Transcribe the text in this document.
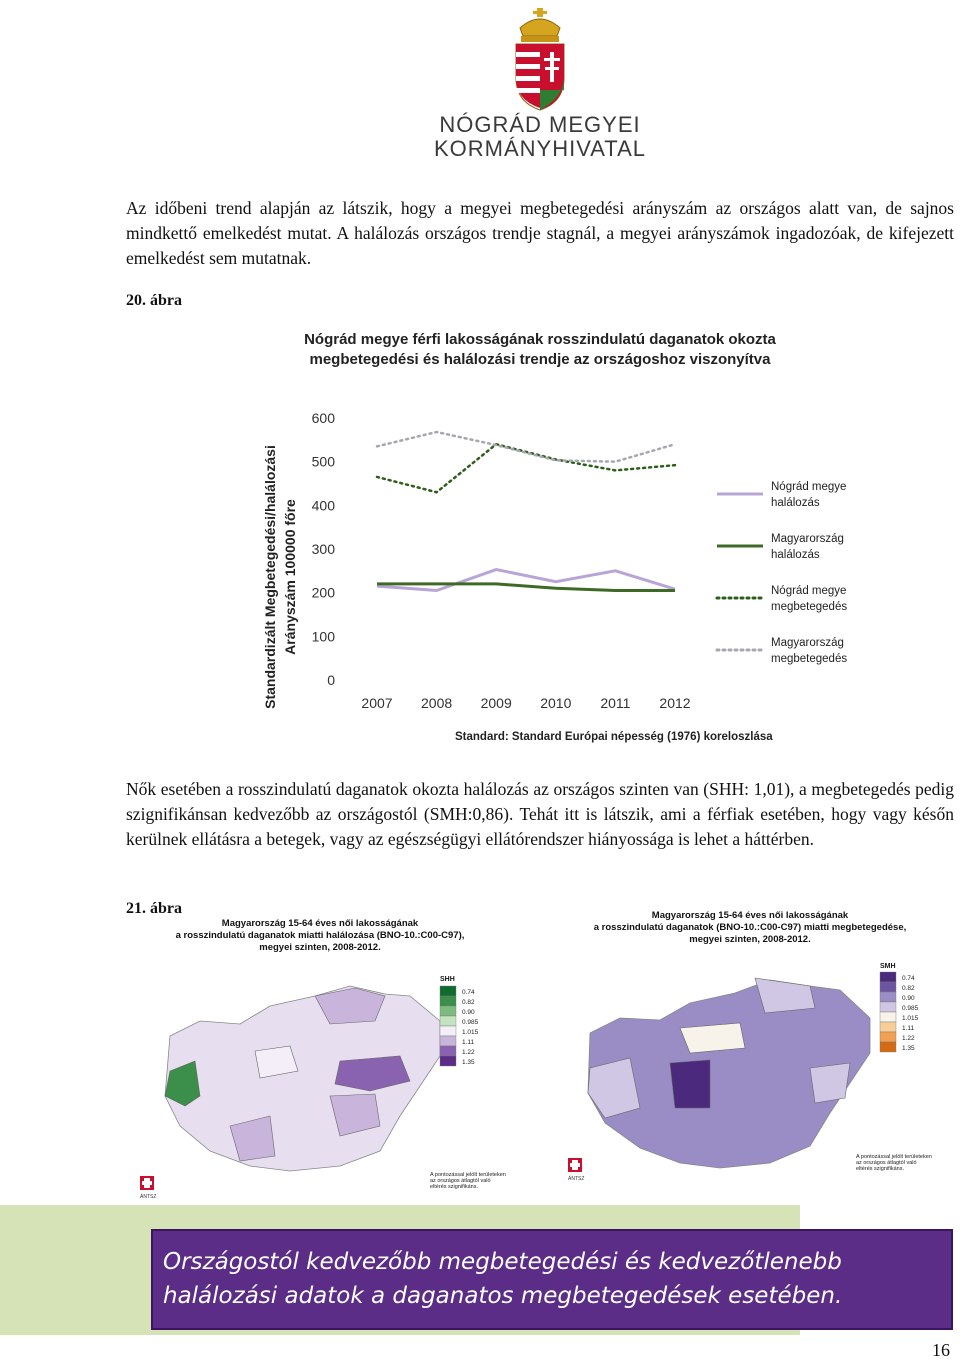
NÓGRÁD MEGYEI
KORMÁNYHIVATAL
Az időbeni trend alapján az látszik, hogy a megyei megbetegedési arányszám az országos alatt van, de sajnos mindkettő emelkedést mutat. A halálozás országos trendje stagnál, a megyei arányszámok ingadozóak, de kifejezett emelkedést sem mutatnak.
20. ábra
Nógrád megye férfi lakosságának rosszindulatú daganatok okozta megbetegedési és halálozási trendje az országoshoz viszonyítva
Standardizált Megbetegedési/halálozási Arányszám 100000 főre
600
500
400
300
200
100
0
2007 2008 2009 2010 2011 2012
Nógrád megye halálozás
Magyarország halálozás
Nógrád megye megbetegedés
Magyarország megbetegedés
Standard: Standard Európai népesség (1976) koreloszlása
Nők esetében a rosszindulatú daganatok okozta halálozás az országos szinten van (SHH: 1,01), a megbetegedés pedig szignifikánsan kedvezőbb az országostól (SMH:0,86). Tehát itt is látszik, ami a férfiak esetében, hogy vagy későn kerülnek ellátásra a betegek, vagy az egészségügyi ellátórendszer hiányossága is lehet a háttérben.
21. ábra
Magyarország 15-64 éves női lakosságának
a rosszindulatú daganatok miatti halálozása (BNO-10.:C00-C97),
megyei szinten, 2008-2012.
SHH
0.74
0.82
0.90
0.985
1.015
1.11
1.22
1.35
A pontozással jelölt területeken az országos átlagtól való eltérés szignifikáns.
ÁNTSZ
Magyarország 15-64 éves női lakosságának
a rosszindulatú daganatok (BNO-10.:C00-C97) miatti megbetegedése,
megyei szinten, 2008-2012.
SMH
0.74
0.82
0.90
0.985
1.015
1.11
1.22
1.35
A pontozással jelölt területeken az országos átlagtól való eltérés szignifikáns.
ÁNTSZ
Országostól kedvezőbb megbetegedési és kedvezőtlenebb
halálozási adatok a daganatos megbetegedések esetében.
16
